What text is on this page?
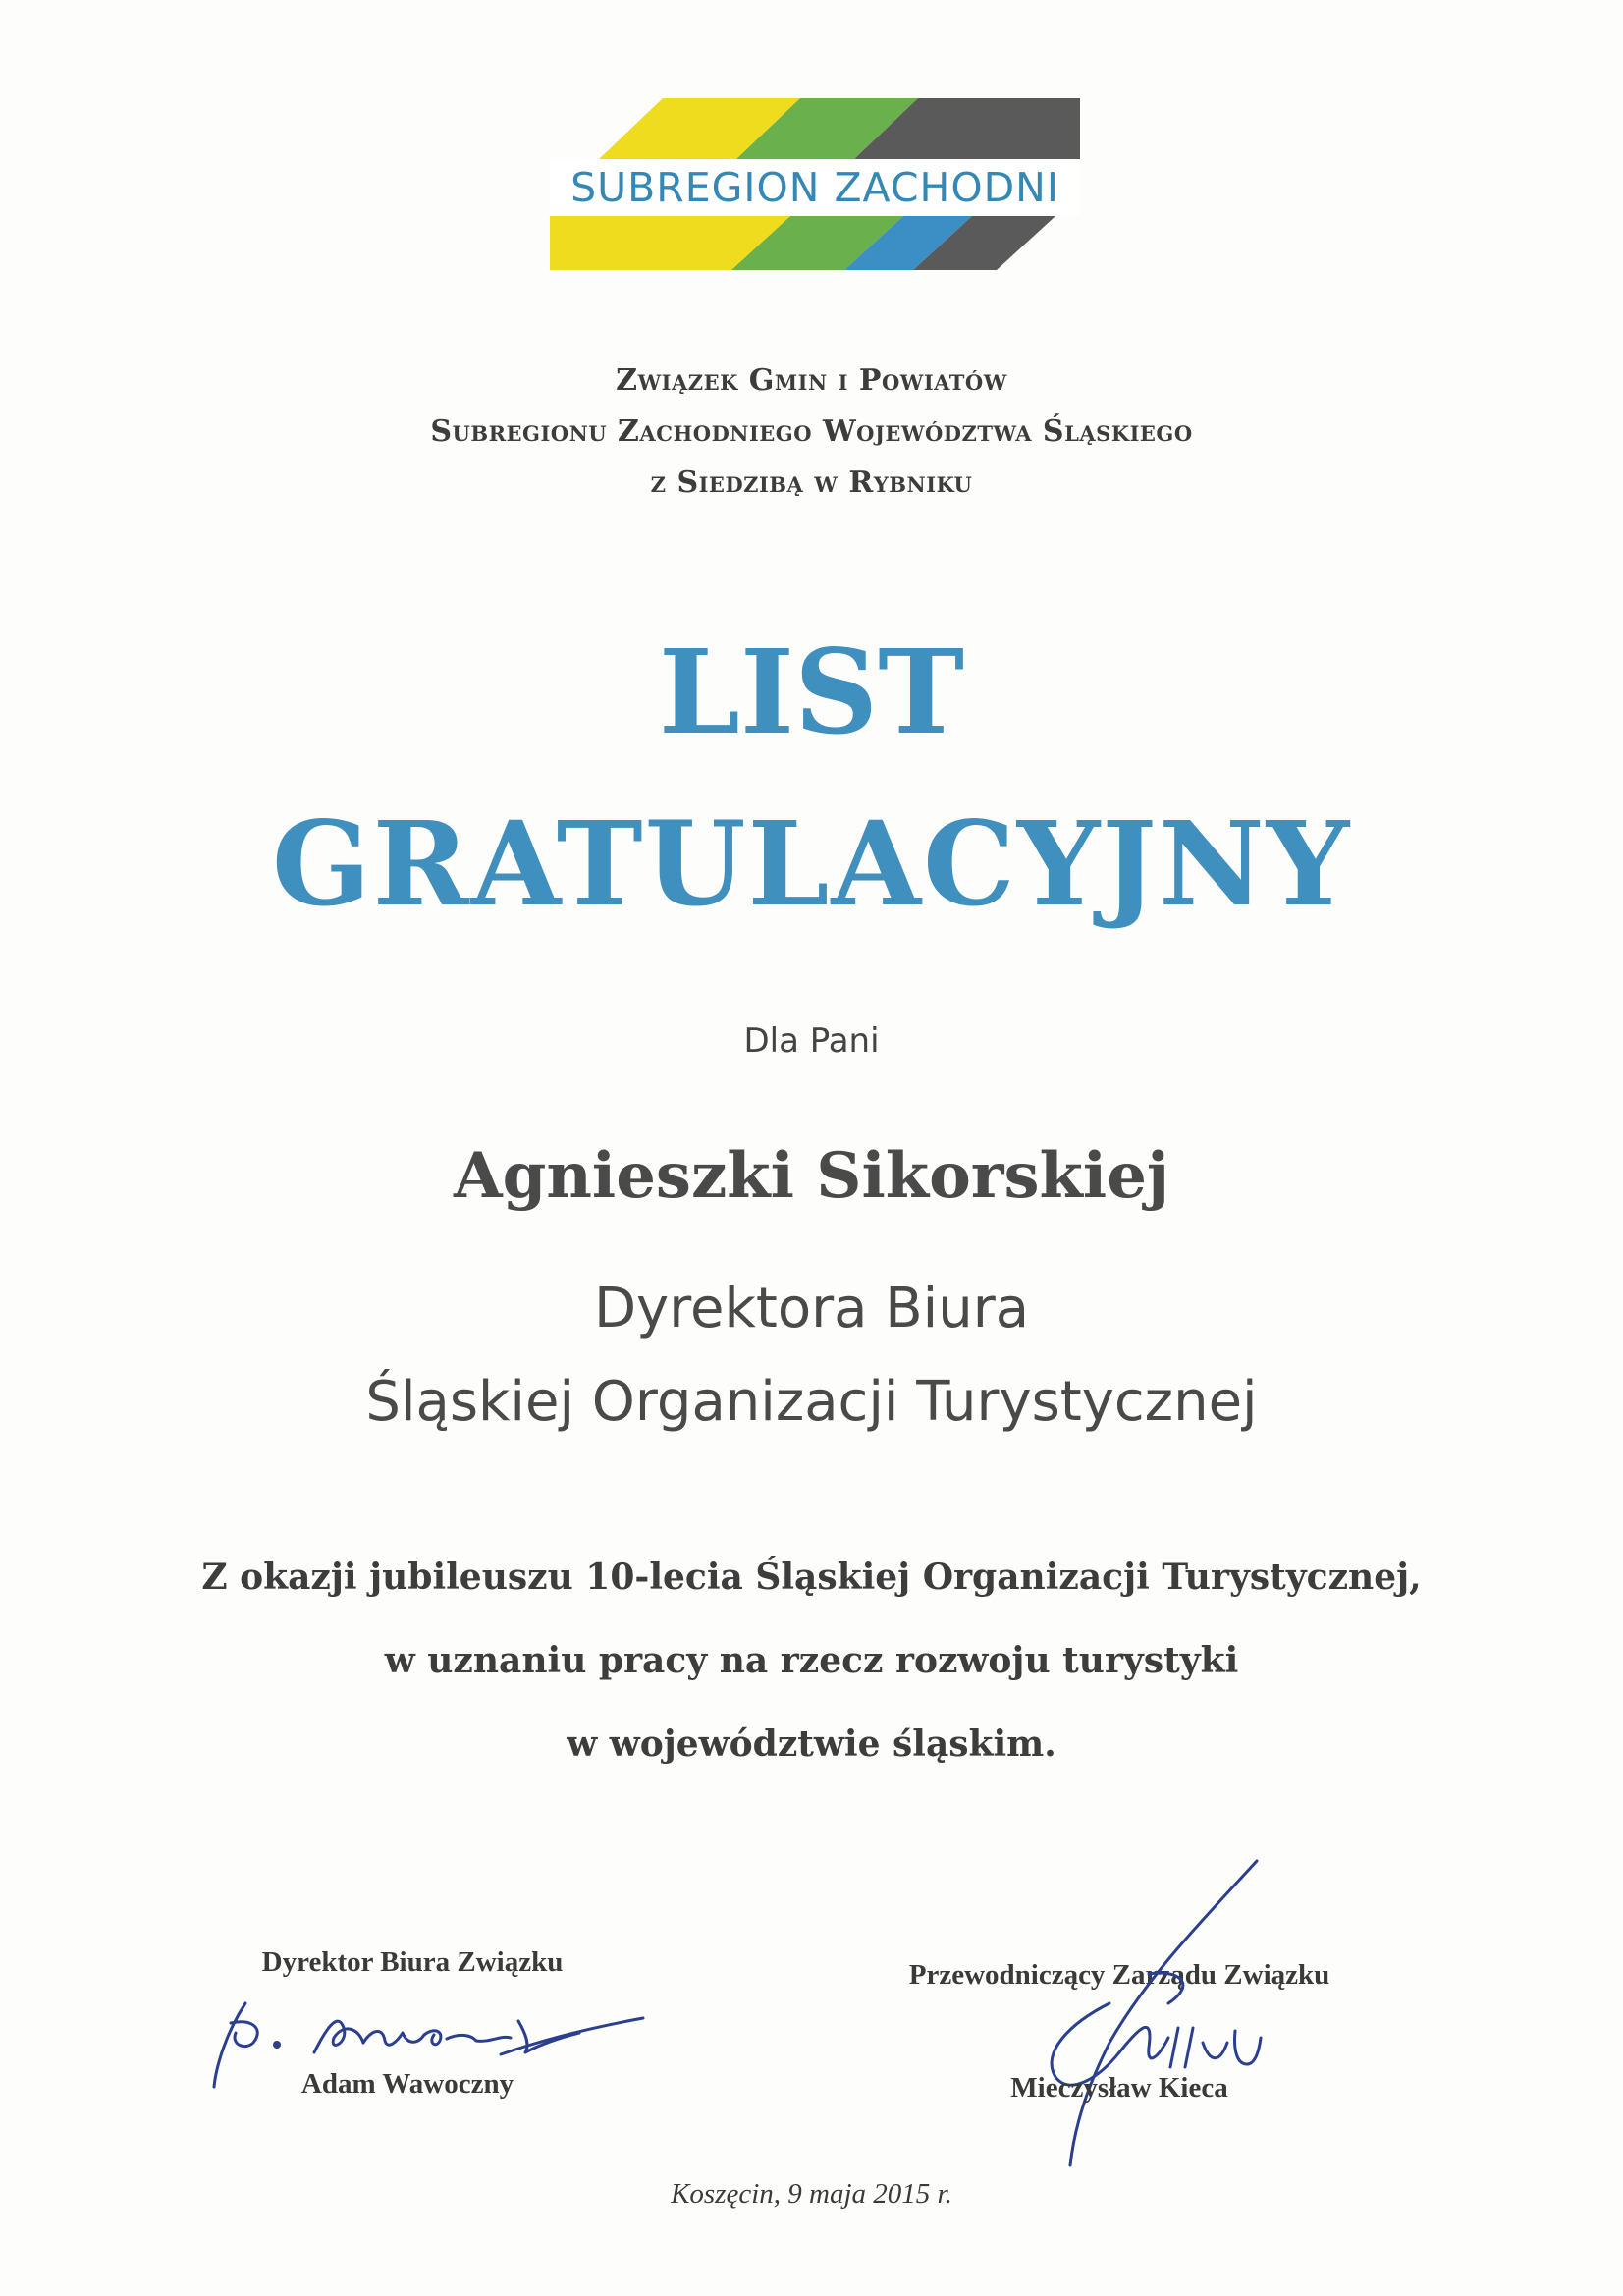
SUBREGION ZACHODNI
Związek Gmin i Powiatów
Subregionu Zachodniego Województwa Śląskiego
z Siedzibą w Rybniku
LIST
GRATULACYJNY
Dla Pani
Agnieszki Sikorskiej
Dyrektora Biura
Śląskiej Organizacji Turystycznej
Z okazji jubileuszu 10-lecia Śląskiej Organizacji Turystycznej,
w uznaniu pracy na rzecz rozwoju turystyki
w województwie śląskim.
Dyrektor Biura Związku
Adam Wawoczny
Przewodniczący Zarządu Związku
Mieczysław Kieca
Koszęcin, 9 maja 2015 r.
